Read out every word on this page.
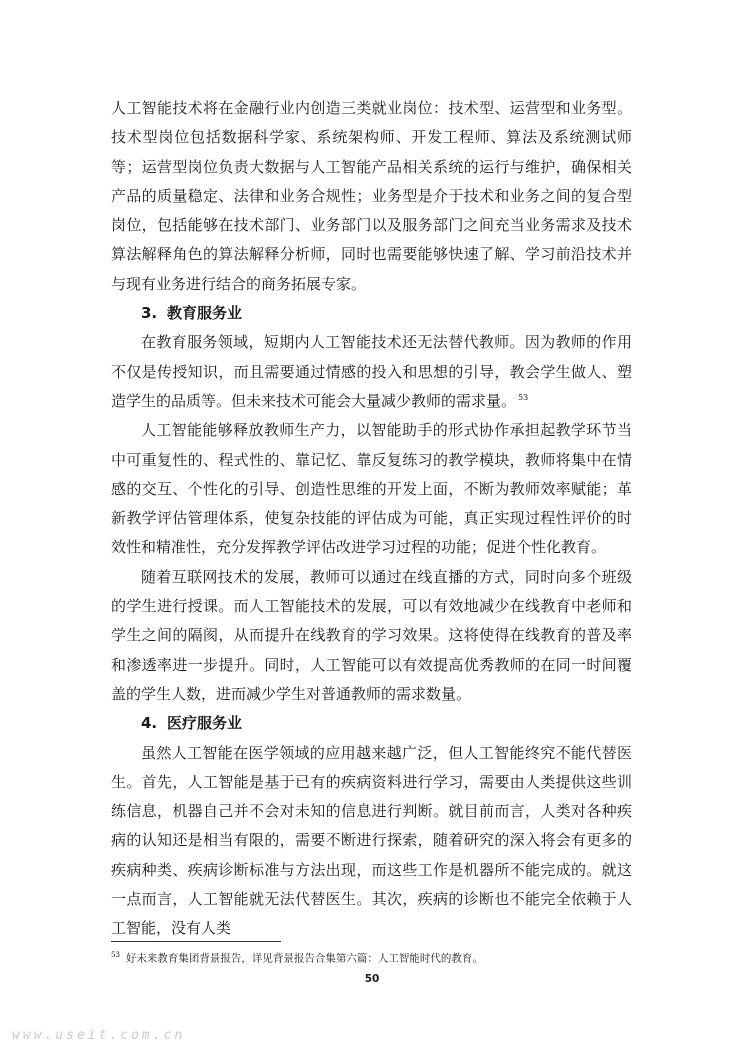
人工智能技术将在金融行业内创造三类就业岗位：技术型、运营型和业务型。技术型岗位包括数据科学家、系统架构师、开发工程师、算法及系统测试师等；运营型岗位负责大数据与人工智能产品相关系统的运行与维护，确保相关产品的质量稳定、法律和业务合规性；业务型是介于技术和业务之间的复合型岗位，包括能够在技术部门、业务部门以及服务部门之间充当业务需求及技术算法解释角色的算法解释分析师，同时也需要能够快速了解、学习前沿技术并与现有业务进行结合的商务拓展专家。

3. 教育服务业

在教育服务领域，短期内人工智能技术还无法替代教师。因为教师的作用不仅是传授知识，而且需要通过情感的投入和思想的引导，教会学生做人、塑造学生的品质等。但未来技术可能会大量减少教师的需求量。 $^{53}$

人工智能能够释放教师生产力，以智能助手的形式协作承担起教学环节当中可重复性的、程式性的、靠记忆、靠反复练习的教学模块，教师将集中在情感的交互、个性化的引导、创造性思维的开发上面，不断为教师效率赋能；革新教学评估管理体系，使复杂技能的评估成为可能，真正实现过程性评价的时效性和精准性，充分发挥教学评估改进学习过程的功能；促进个性化教育。

随着互联网技术的发展，教师可以通过在线直播的方式，同时向多个班级的学生进行授课。而人工智能技术的发展，可以有效地减少在线教育中老师和学生之间的隔阂，从而提升在线教育的学习效果。这将使得在线教育的普及率和渗透率进一步提升。同时，人工智能可以有效提高优秀教师的在同一时间覆盖的学生人数，进而减少学生对普通教师的需求数量。

4. 医疗服务业

虽然人工智能在医学领域的应用越来越广泛，但人工智能终究不能代替医生。首先，人工智能是基于已有的疾病资料进行学习，需要由人类提供这些训练信息，机器自己并不会对未知的信息进行判断。就目前而言，人类对各种疾病的认知还是相当有限的，需要不断进行探索，随着研究的深入将会有更多的疾病种类、疾病诊断标准与方法出现，而这些工作是机器所不能完成的。就这一点而言，人工智能就无法代替医生。其次，疾病的诊断也不能完全依赖于人工智能，没有人类

$^{53}$ 好未来教育集团背景报告，详见背景报告合集第六篇：人工智能时代的教育。
50
www.useit.com.cn
